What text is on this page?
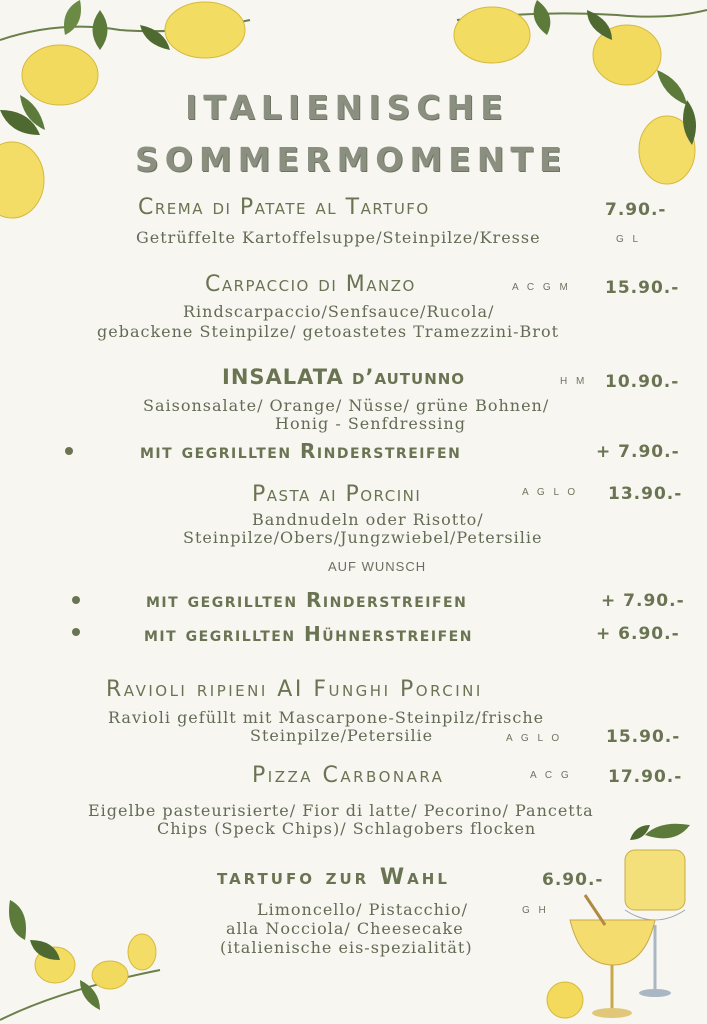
ITALIENISCHE
SOMMERMOMENTE
Crema di Patate al Tartufo	7.90.-
Getrüffelte Kartoffelsuppe/Steinpilze/Kresse	G L
Carpaccio di Manzo	A C G M 15.90.-
Rindscarpaccio/Senfsauce/Rucola/
gebackene Steinpilze/ getoastetes Tramezzini-Brot
INSALATA d’autunno	H M 10.90.-
Saisonsalate/ Orange/ Nüsse/ grüne Bohnen/
Honig - Senfdressing
mit gegrillten Rinderstreifen	+ 7.90.-
Pasta ai Porcini	A G L O 13.90.-
Bandnudeln oder Risotto/
Steinpilze/Obers/Jungzwiebel/Petersilie
AUF WUNSCH
mit gegrillten Rinderstreifen	+ 7.90.-
mit gegrillten Hühnerstreifen	+ 6.90.-
Ravioli ripieni AI Funghi Porcini
Ravioli gefüllt mit Mascarpone-Steinpilz/frische
Steinpilze/Petersilie	A G L O	15.90.-
Pizza Carbonara	A C G 17.90.-
Eigelbe pasteurisierte/ Fior di latte/ Pecorino/ Pancetta
Chips (Speck Chips)/ Schlagobers flocken
tartufo zur Wahl	6.90.-
Limoncello/ Pistacchio/	G H
alla Nocciola/ Cheesecake
(italienische eis-spezialität)
